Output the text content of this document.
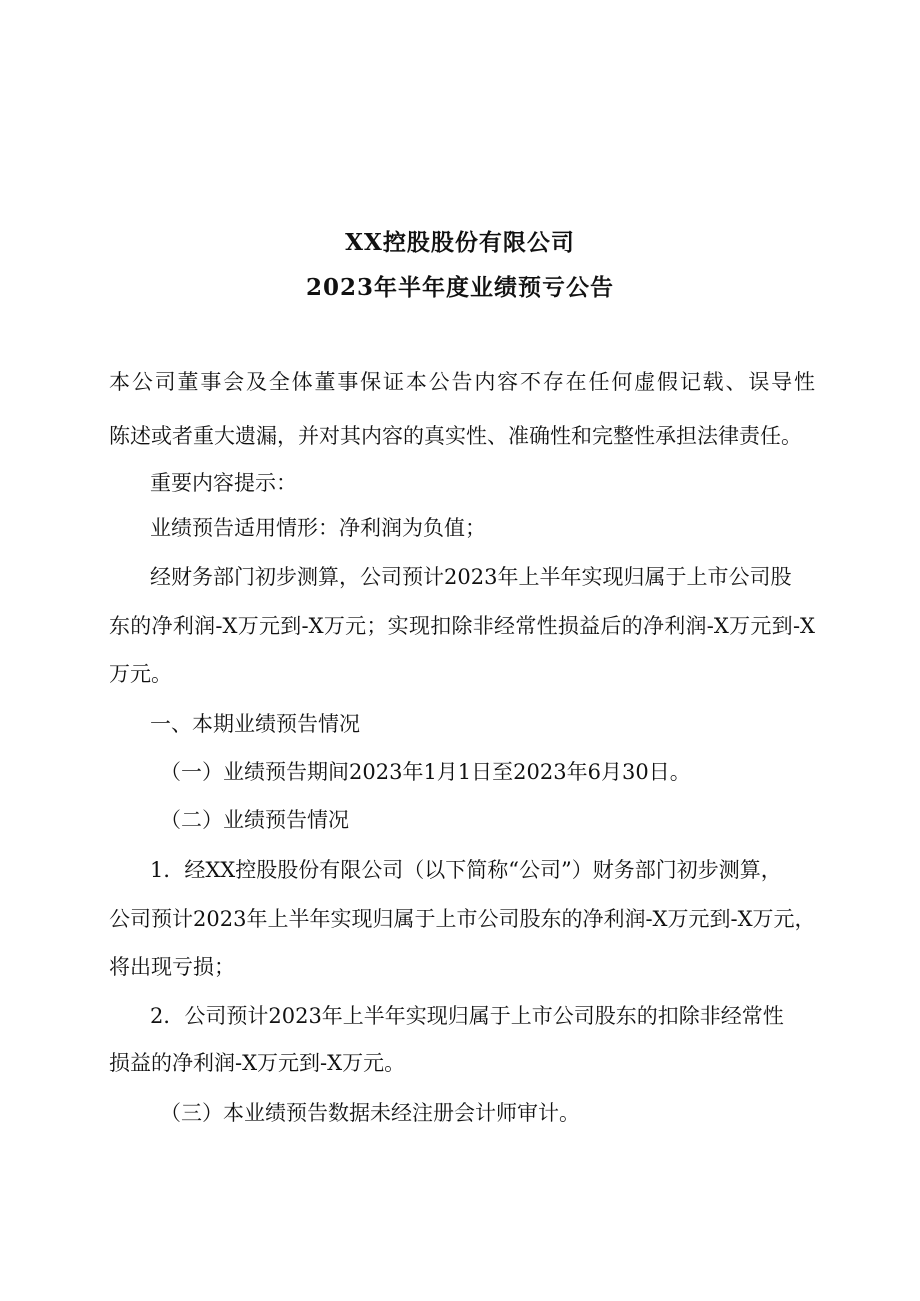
XX控股股份有限公司
2023年半年度业绩预亏公告
本公司董事会及全体董事保证本公告内容不存在任何虚假记载、误导性
陈述或者重大遗漏，并对其内容的真实性、准确性和完整性承担法律责任。
重要内容提示：
业绩预告适用情形：净利润为负值；
经财务部门初步测算，公司预计2023年上半年实现归属于上市公司股
东的净利润-X万元到-X万元；实现扣除非经常性损益后的净利润-X万元到-X
万元。
一、本期业绩预告情况
（一）业绩预告期间2023年1月1日至2023年6月30日。
（二）业绩预告情况
1．经XX控股股份有限公司（以下简称“公司”）财务部门初步测算，
公司预计2023年上半年实现归属于上市公司股东的净利润-X万元到-X万元，
将出现亏损；
2．公司预计2023年上半年实现归属于上市公司股东的扣除非经常性
损益的净利润-X万元到-X万元。
（三）本业绩预告数据未经注册会计师审计。
